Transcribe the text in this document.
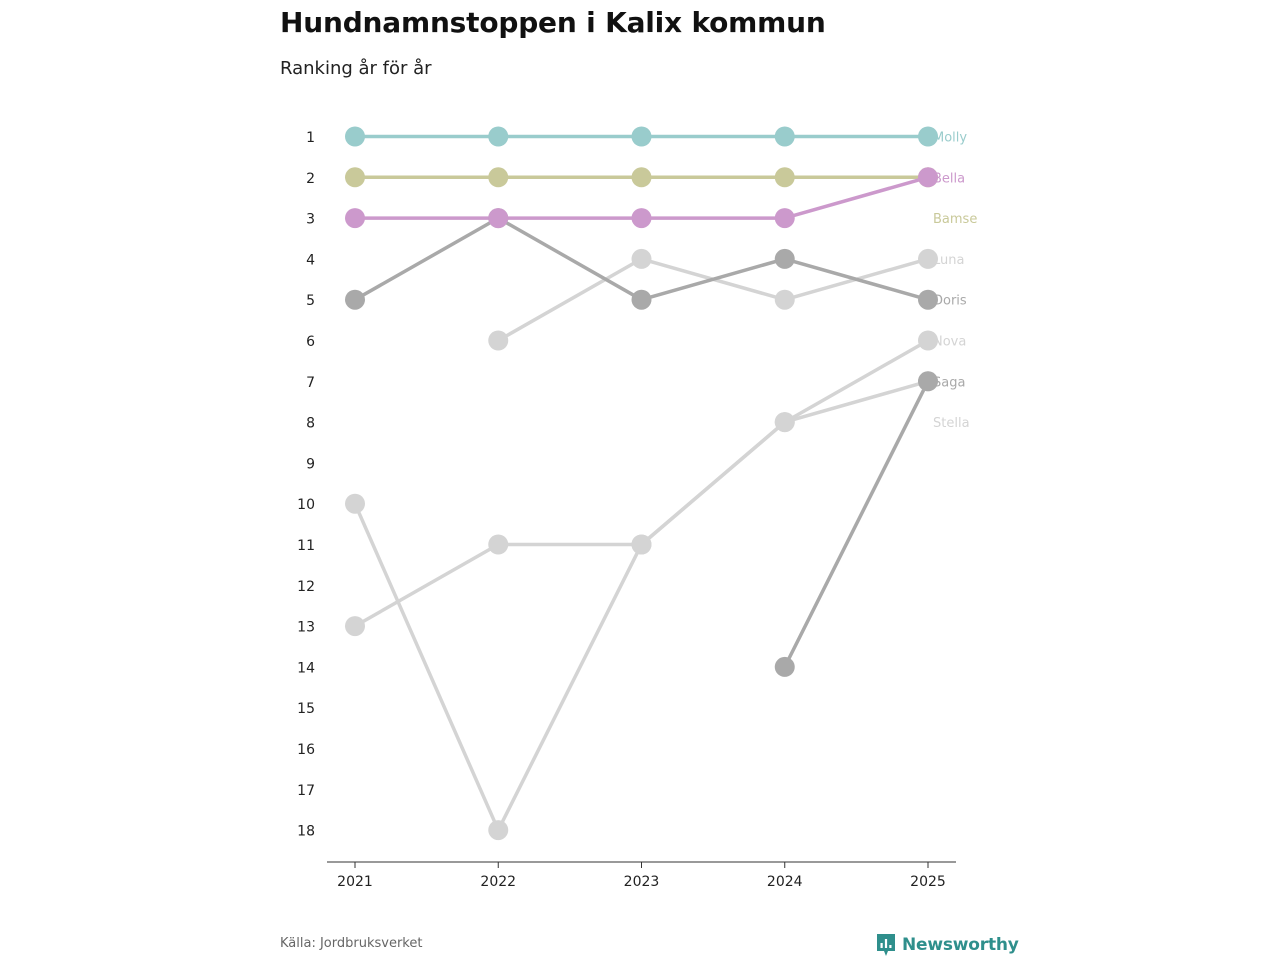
Hundnamnstoppen i Kalix kommun

Ranking år för år

1
2
3
4
5
6
7
8
9
10
11
12
13
14
15
16
17
18
2021	2022	2023	2024	2025
Molly
Bella
Bamse
Luna
Doris
Nova
Saga
Stella
Källa: Jordbruksverket	Newsworthy
